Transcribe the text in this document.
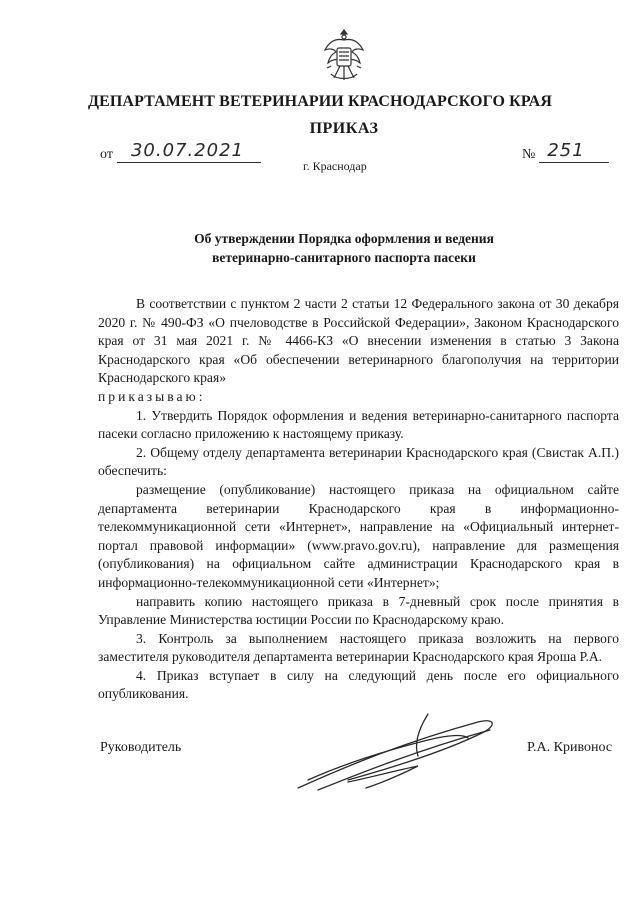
ДЕПАРТАМЕНТ ВЕТЕРИНАРИИ КРАСНОДАРСКОГО КРАЯ
ПРИКАЗ
от 30.07.2021	№ 251
г. Краснодар
Об утверждении Порядка оформления и ведения
ветеринарно-санитарного паспорта пасеки

В соответствии с пунктом 2 части 2 статьи 12 Федерального закона от 30 декабря 2020 г. № 490-ФЗ «О пчеловодстве в Российской Федерации», Законом Краснодарского края от 31 мая 2021 г. № 4466-КЗ «О внесении изменения в статью 3 Закона Краснодарского края «Об обеспечении ветеринарного благополучия на территории Краснодарского края»

приказываю:

1. Утвердить Порядок оформления и ведения ветеринарно-санитарного паспорта пасеки согласно приложению к настоящему приказу.

2. Общему отделу департамента ветеринарии Краснодарского края (Свистак А.П.) обеспечить:

размещение (опубликование) настоящего приказа на официальном сайте департамента ветеринарии Краснодарского края в информационно-телекоммуникационной сети «Интернет», направление на «Официальный интернет-портал правовой информации» (www.pravo.gov.ru), направление для размещения (опубликования) на официальном сайте администрации Краснодарского края в информационно-телекоммуникационной сети «Интернет»;

направить копию настоящего приказа в 7-дневный срок после принятия в Управление Министерства юстиции России по Краснодарскому краю.

3. Контроль за выполнением настоящего приказа возложить на первого заместителя руководителя департамента ветеринарии Краснодарского края Яроша Р.А.

4. Приказ вступает в силу на следующий день после его официального опубликования.

Руководитель	Р.А. Кривонос
